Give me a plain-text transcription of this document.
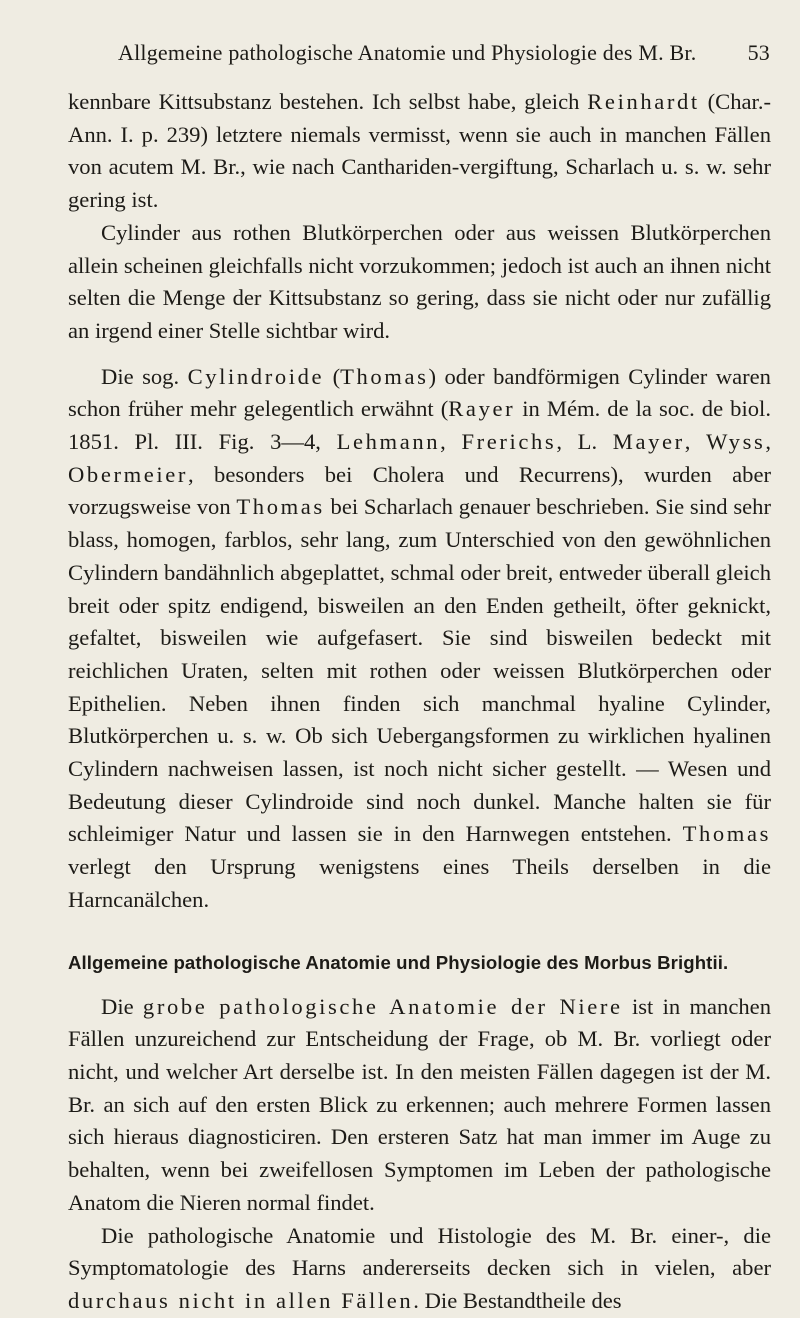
Allgemeine pathologische Anatomie und Physiologie des M. Br. 53

kennbare Kittsubstanz bestehen. Ich selbst habe, gleich Reinhardt (Char.-Ann. I. p. 239) letztere niemals vermisst, wenn sie auch in manchen Fällen von acutem M. Br., wie nach Canthariden-vergiftung, Scharlach u. s. w. sehr gering ist.

Cylinder aus rothen Blutkörperchen oder aus weissen Blutkörperchen allein scheinen gleichfalls nicht vorzukommen; jedoch ist auch an ihnen nicht selten die Menge der Kittsubstanz so gering, dass sie nicht oder nur zufällig an irgend einer Stelle sichtbar wird.

Die sog. Cylindroide (Thomas) oder bandförmigen Cylinder waren schon früher mehr gelegentlich erwähnt (Rayer in Mém. de la soc. de biol. 1851. Pl. III. Fig. 3—4, Lehmann, Frerichs, L. Mayer, Wyss, Obermeier, besonders bei Cholera und Recurrens), wurden aber vorzugsweise von Thomas bei Scharlach genauer beschrieben. Sie sind sehr blass, homogen, farblos, sehr lang, zum Unterschied von den gewöhnlichen Cylindern bandähnlich abgeplattet, schmal oder breit, entweder überall gleich breit oder spitz endigend, bisweilen an den Enden getheilt, öfter geknickt, gefaltet, bisweilen wie aufgefasert. Sie sind bisweilen bedeckt mit reichlichen Uraten, selten mit rothen oder weissen Blutkörperchen oder Epithelien. Neben ihnen finden sich manchmal hyaline Cylinder, Blutkörperchen u. s. w. Ob sich Uebergangsformen zu wirklichen hyalinen Cylindern nachweisen lassen, ist noch nicht sicher gestellt. — Wesen und Bedeutung dieser Cylindroide sind noch dunkel. Manche halten sie für schleimiger Natur und lassen sie in den Harnwegen entstehen. Thomas verlegt den Ursprung wenigstens eines Theils derselben in die Harncanälchen.

Allgemeine pathologische Anatomie und Physiologie des Morbus Brightii.

Die grobe pathologische Anatomie der Niere ist in manchen Fällen unzureichend zur Entscheidung der Frage, ob M. Br. vorliegt oder nicht, und welcher Art derselbe ist. In den meisten Fällen dagegen ist der M. Br. an sich auf den ersten Blick zu erkennen; auch mehrere Formen lassen sich hieraus diagnosticiren. Den ersteren Satz hat man immer im Auge zu behalten, wenn bei zweifellosen Symptomen im Leben der pathologische Anatom die Nieren normal findet.

Die pathologische Anatomie und Histologie des M. Br. einer-, die Symptomatologie des Harns andererseits decken sich in vielen, aber durchaus nicht in allen Fällen. Die Bestandtheile des
